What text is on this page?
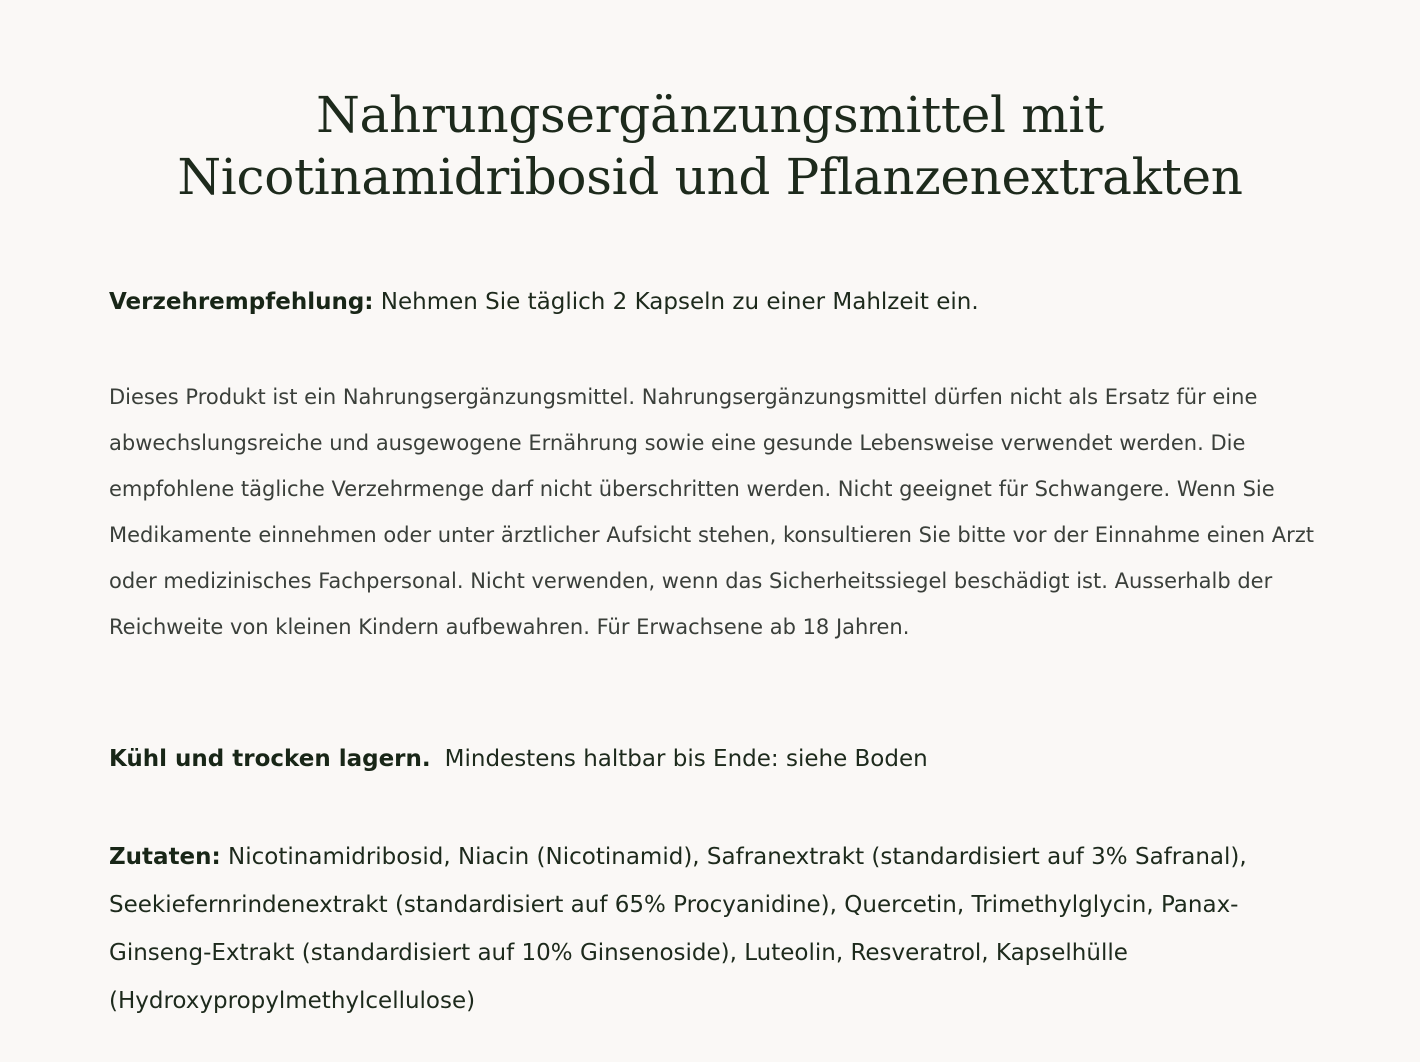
Nahrungsergänzungsmittel mit
Nicotinamidribosid und Pflanzenextrakten

Verzehrempfehlung: Nehmen Sie täglich 2 Kapseln zu einer Mahlzeit ein.

Dieses Produkt ist ein Nahrungsergänzungsmittel. Nahrungsergänzungsmittel dürfen nicht als Ersatz für eine abwechslungsreiche und ausgewogene Ernährung sowie eine gesunde Lebensweise verwendet werden. Die empfohlene tägliche Verzehrmenge darf nicht überschritten werden. Nicht geeignet für Schwangere. Wenn Sie Medikamente einnehmen oder unter ärztlicher Aufsicht stehen, konsultieren Sie bitte vor der Einnahme einen Arzt oder medizinisches Fachpersonal. Nicht verwenden, wenn das Sicherheitssiegel beschädigt ist. Ausserhalb der Reichweite von kleinen Kindern aufbewahren. Für Erwachsene ab 18 Jahren.

Kühl und trocken lagern. Mindestens haltbar bis Ende: siehe Boden

Zutaten: Nicotinamidribosid, Niacin (Nicotinamid), Safranextrakt (standardisiert auf 3% Safranal), Seekiefernrindenextrakt (standardisiert auf 65% Procyanidine), Quercetin, Trimethylglycin, Panax-Ginseng-Extrakt (standardisiert auf 10% Ginsenoside), Luteolin, Resveratrol, Kapselhülle (Hydroxypropylmethylcellulose)
